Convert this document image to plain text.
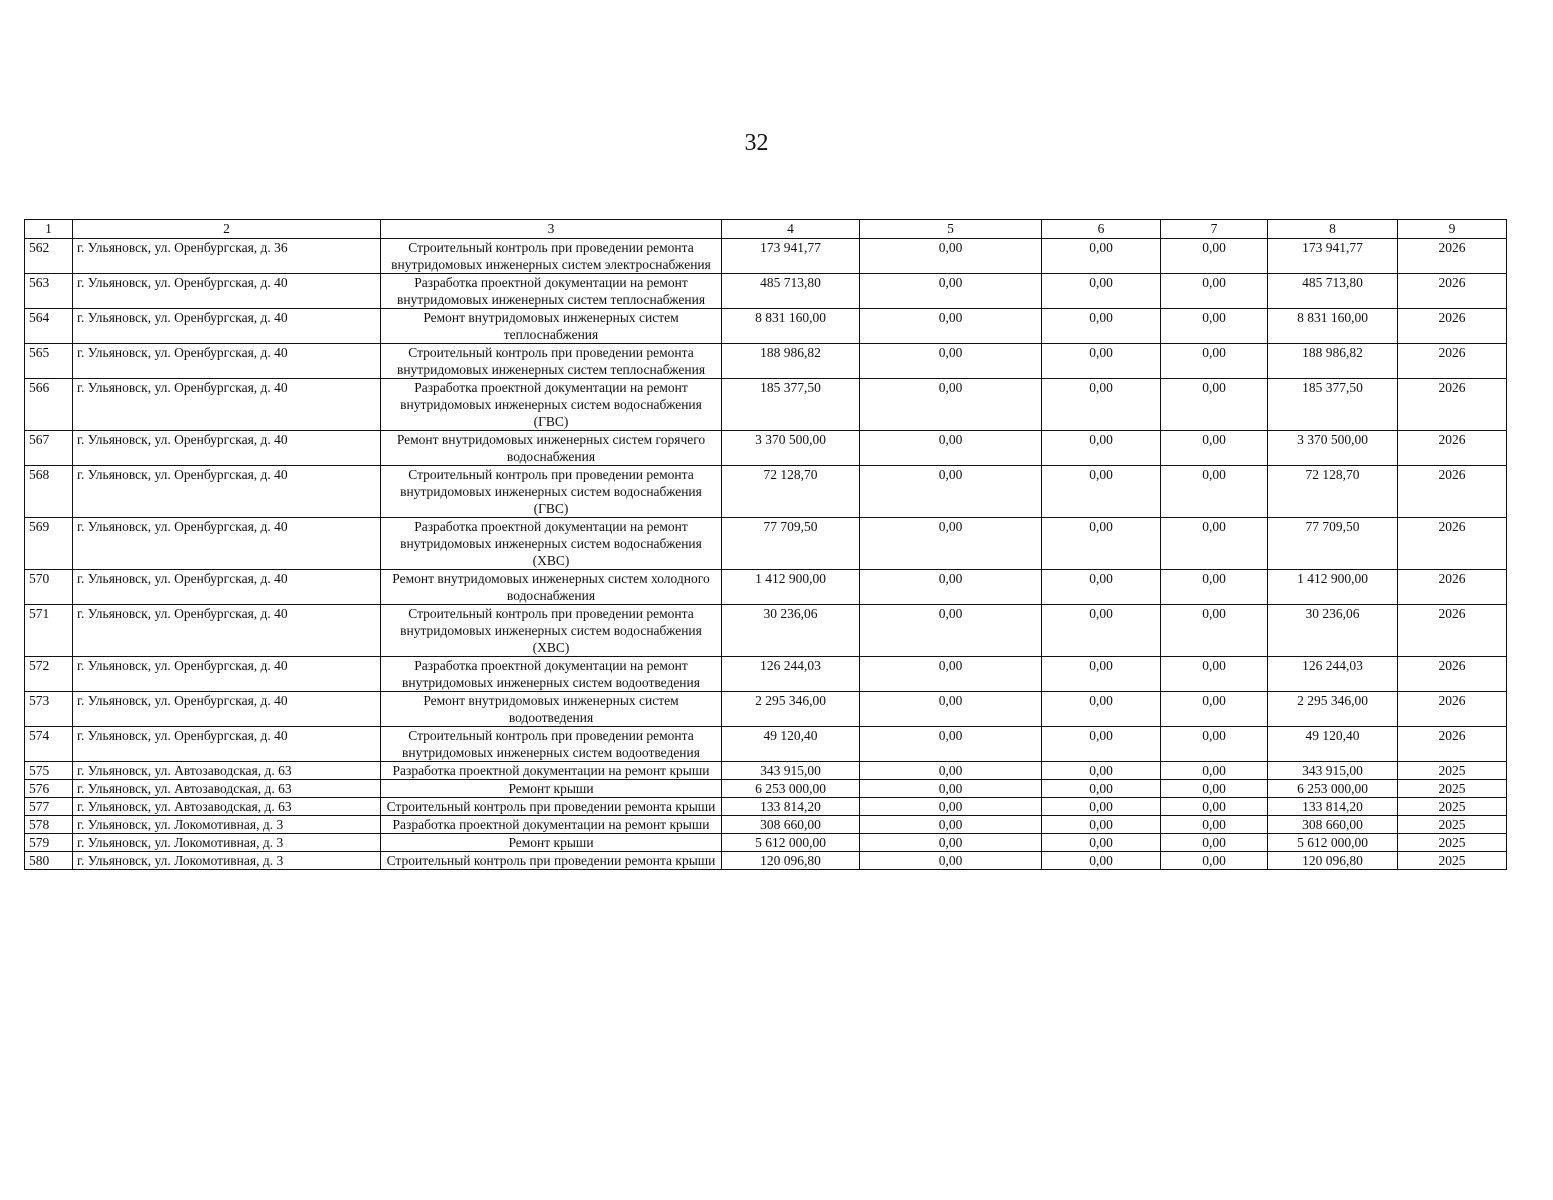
32
1	2	3	4	5	6	7	8	9
562	г. Ульяновск, ул. Оренбургская, д. 36	Строительный контроль при проведении ремонта внутридомовых инженерных систем электроснабжения	173 941,77	0,00	0,00	0,00	173 941,77	2026
563	г. Ульяновск, ул. Оренбургская, д. 40	Разработка проектной документации на ремонт внутридомовых инженерных систем теплоснабжения	485 713,80	0,00	0,00	0,00	485 713,80	2026
564	г. Ульяновск, ул. Оренбургская, д. 40	Ремонт внутридомовых инженерных систем теплоснабжения	8 831 160,00	0,00	0,00	0,00	8 831 160,00	2026
565	г. Ульяновск, ул. Оренбургская, д. 40	Строительный контроль при проведении ремонта внутридомовых инженерных систем теплоснабжения	188 986,82	0,00	0,00	0,00	188 986,82	2026
566	г. Ульяновск, ул. Оренбургская, д. 40	Разработка проектной документации на ремонт внутридомовых инженерных систем водоснабжения (ГВС)	185 377,50	0,00	0,00	0,00	185 377,50	2026
567	г. Ульяновск, ул. Оренбургская, д. 40	Ремонт внутридомовых инженерных систем горячего водоснабжения	3 370 500,00	0,00	0,00	0,00	3 370 500,00	2026
568	г. Ульяновск, ул. Оренбургская, д. 40	Строительный контроль при проведении ремонта внутридомовых инженерных систем водоснабжения (ГВС)	72 128,70	0,00	0,00	0,00	72 128,70	2026
569	г. Ульяновск, ул. Оренбургская, д. 40	Разработка проектной документации на ремонт внутридомовых инженерных систем водоснабжения (ХВС)	77 709,50	0,00	0,00	0,00	77 709,50	2026
570	г. Ульяновск, ул. Оренбургская, д. 40	Ремонт внутридомовых инженерных систем холодного водоснабжения	1 412 900,00	0,00	0,00	0,00	1 412 900,00	2026
571	г. Ульяновск, ул. Оренбургская, д. 40	Строительный контроль при проведении ремонта внутридомовых инженерных систем водоснабжения (ХВС)	30 236,06	0,00	0,00	0,00	30 236,06	2026
572	г. Ульяновск, ул. Оренбургская, д. 40	Разработка проектной документации на ремонт внутридомовых инженерных систем водоотведения	126 244,03	0,00	0,00	0,00	126 244,03	2026
573	г. Ульяновск, ул. Оренбургская, д. 40	Ремонт внутридомовых инженерных систем водоотведения	2 295 346,00	0,00	0,00	0,00	2 295 346,00	2026
574	г. Ульяновск, ул. Оренбургская, д. 40	Строительный контроль при проведении ремонта внутридомовых инженерных систем водоотведения	49 120,40	0,00	0,00	0,00	49 120,40	2026
575	г. Ульяновск, ул. Автозаводская, д. 63	Разработка проектной документации на ремонт крыши	343 915,00	0,00	0,00	0,00	343 915,00	2025
576	г. Ульяновск, ул. Автозаводская, д. 63	Ремонт крыши	6 253 000,00	0,00	0,00	0,00	6 253 000,00	2025
577	г. Ульяновск, ул. Автозаводская, д. 63	Строительный контроль при проведении ремонта крыши	133 814,20	0,00	0,00	0,00	133 814,20	2025
578	г. Ульяновск, ул. Локомотивная, д. 3	Разработка проектной документации на ремонт крыши	308 660,00	0,00	0,00	0,00	308 660,00	2025
579	г. Ульяновск, ул. Локомотивная, д. 3	Ремонт крыши	5 612 000,00	0,00	0,00	0,00	5 612 000,00	2025
580	г. Ульяновск, ул. Локомотивная, д. 3	Строительный контроль при проведении ремонта крыши	120 096,80	0,00	0,00	0,00	120 096,80	2025
